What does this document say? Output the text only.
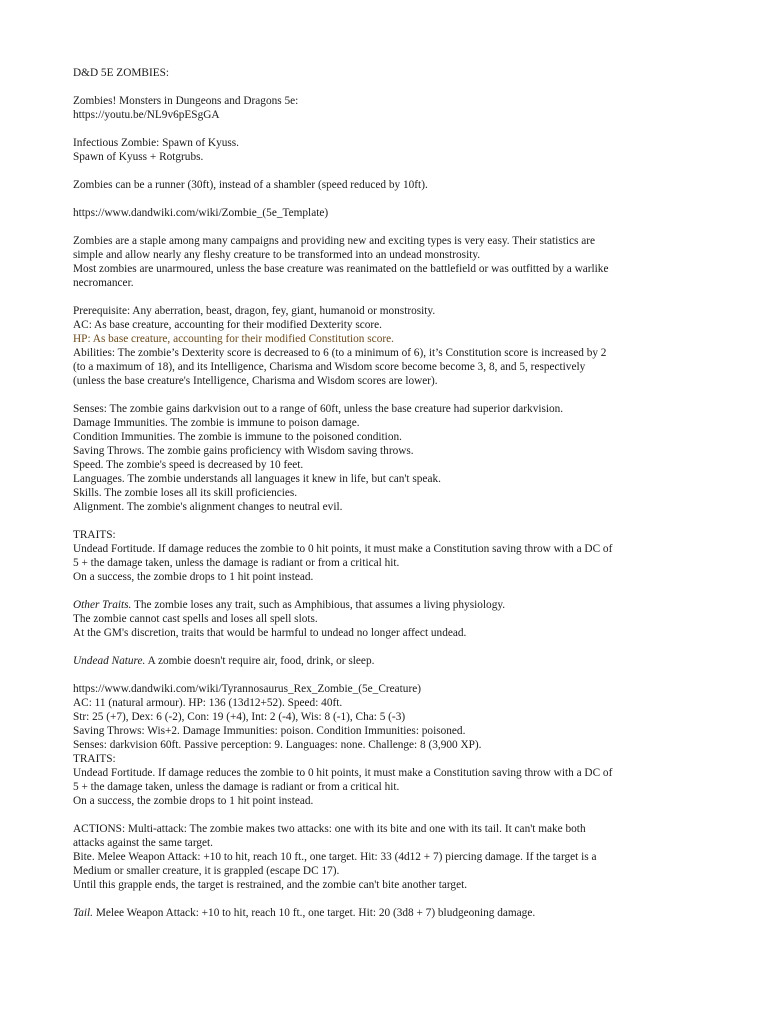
D&D 5E ZOMBIES:
Zombies! Monsters in Dungeons and Dragons 5e:
https://youtu.be/NL9v6pESgGA
Infectious Zombie: Spawn of Kyuss.
Spawn of Kyuss + Rotgrubs.
Zombies can be a runner (30ft), instead of a shambler (speed reduced by 10ft).
https://www.dandwiki.com/wiki/Zombie_(5e_Template)
Zombies are a staple among many campaigns and providing new and exciting types is very easy. Their statistics are
simple and allow nearly any fleshy creature to be transformed into an undead monstrosity.
Most zombies are unarmoured, unless the base creature was reanimated on the battlefield or was outfitted by a warlike
necromancer.
Prerequisite: Any aberration, beast, dragon, fey, giant, humanoid or monstrosity.
AC: As base creature, accounting for their modified Dexterity score.
HP: As base creature, accounting for their modified Constitution score.
Abilities: The zombie’s Dexterity score is decreased to 6 (to a minimum of 6), it’s Constitution score is increased by 2
(to a maximum of 18), and its Intelligence, Charisma and Wisdom score become become 3, 8, and 5, respectively
(unless the base creature's Intelligence, Charisma and Wisdom scores are lower).
Senses: The zombie gains darkvision out to a range of 60ft, unless the base creature had superior darkvision.
Damage Immunities. The zombie is immune to poison damage.
Condition Immunities. The zombie is immune to the poisoned condition.
Saving Throws. The zombie gains proficiency with Wisdom saving throws.
Speed. The zombie's speed is decreased by 10 feet.
Languages. The zombie understands all languages it knew in life, but can't speak.
Skills. The zombie loses all its skill proficiencies.
Alignment. The zombie's alignment changes to neutral evil.
TRAITS:
Undead Fortitude. If damage reduces the zombie to 0 hit points, it must make a Constitution saving throw with a DC of
5 + the damage taken, unless the damage is radiant or from a critical hit.
On a success, the zombie drops to 1 hit point instead.
Other Traits. The zombie loses any trait, such as Amphibious, that assumes a living physiology.
The zombie cannot cast spells and loses all spell slots.
At the GM's discretion, traits that would be harmful to undead no longer affect undead.
Undead Nature. A zombie doesn't require air, food, drink, or sleep.
https://www.dandwiki.com/wiki/Tyrannosaurus_Rex_Zombie_(5e_Creature)
AC: 11 (natural armour). HP: 136 (13d12+52). Speed: 40ft.
Str: 25 (+7), Dex: 6 (-2), Con: 19 (+4), Int: 2 (-4), Wis: 8 (-1), Cha: 5 (-3)
Saving Throws: Wis+2. Damage Immunities: poison. Condition Immunities: poisoned.
Senses: darkvision 60ft. Passive perception: 9. Languages: none. Challenge: 8 (3,900 XP).
TRAITS:
Undead Fortitude. If damage reduces the zombie to 0 hit points, it must make a Constitution saving throw with a DC of
5 + the damage taken, unless the damage is radiant or from a critical hit.
On a success, the zombie drops to 1 hit point instead.
ACTIONS: Multi-attack: The zombie makes two attacks: one with its bite and one with its tail. It can't make both
attacks against the same target.
Bite. Melee Weapon Attack: +10 to hit, reach 10 ft., one target. Hit: 33 (4d12 + 7) piercing damage. If the target is a
Medium or smaller creature, it is grappled (escape DC 17).
Until this grapple ends, the target is restrained, and the zombie can't bite another target.
Tail. Melee Weapon Attack: +10 to hit, reach 10 ft., one target. Hit: 20 (3d8 + 7) bludgeoning damage.
